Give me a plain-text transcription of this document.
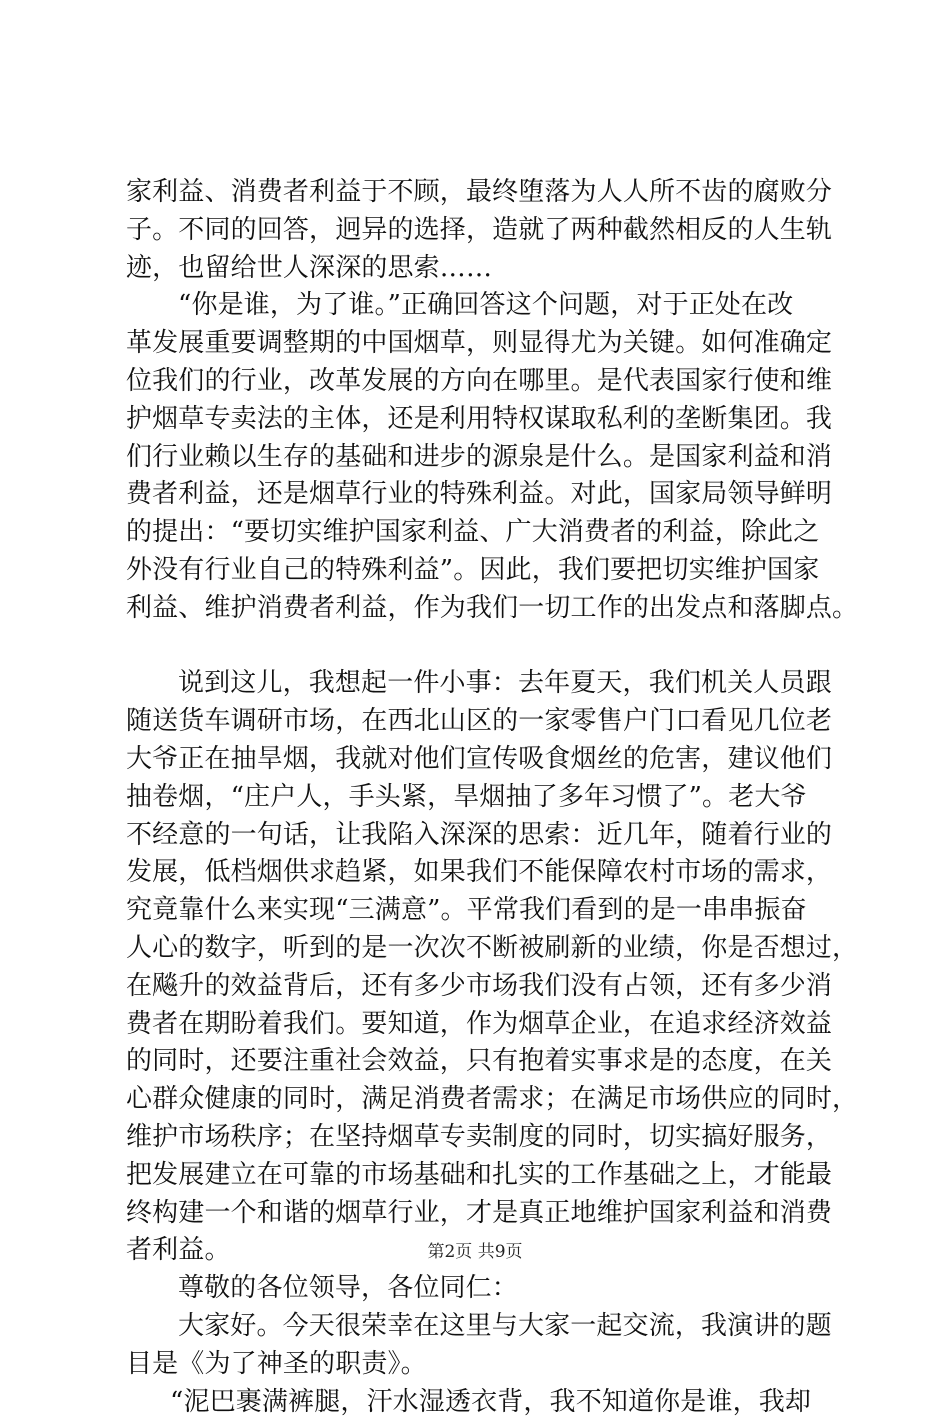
家利益、消费者利益于不顾，最终堕落为人人所不齿的腐败分
子。不同的回答，迥异的选择，造就了两种截然相反的人生轨
迹，也留给世人深深的思索……
“你是谁，为了谁。”正确回答这个问题，对于正处在改
革发展重要调整期的中国烟草，则显得尤为关键。如何准确定
位我们的行业，改革发展的方向在哪里。是代表国家行使和维
护烟草专卖法的主体，还是利用特权谋取私利的垄断集团。我
们行业赖以生存的基础和进步的源泉是什么。是国家利益和消
费者利益，还是烟草行业的特殊利益。对此，国家局领导鲜明
的提出：“要切实维护国家利益、广大消费者的利益，除此之
外没有行业自己的特殊利益”。因此，我们要把切实维护国家
利益、维护消费者利益，作为我们一切工作的出发点和落脚点。
说到这儿，我想起一件小事：去年夏天，我们机关人员跟
随送货车调研市场，在西北山区的一家零售户门口看见几位老
大爷正在抽旱烟，我就对他们宣传吸食烟丝的危害，建议他们
抽卷烟，“庄户人，手头紧，旱烟抽了多年习惯了”。老大爷
不经意的一句话，让我陷入深深的思索：近几年，随着行业的
发展，低档烟供求趋紧，如果我们不能保障农村市场的需求，
究竟靠什么来实现“三满意”。平常我们看到的是一串串振奋
人心的数字，听到的是一次次不断被刷新的业绩，你是否想过，
在飚升的效益背后，还有多少市场我们没有占领，还有多少消
费者在期盼着我们。要知道，作为烟草企业，在追求经济效益
的同时，还要注重社会效益，只有抱着实事求是的态度，在关
心群众健康的同时，满足消费者需求；在满足市场供应的同时，
维护市场秩序；在坚持烟草专卖制度的同时，切实搞好服务，
把发展建立在可靠的市场基础和扎实的工作基础之上，才能最
终构建一个和谐的烟草行业，才是真正地维护国家利益和消费
者利益。
尊敬的各位领导，各位同仁：
大家好。今天很荣幸在这里与大家一起交流，我演讲的题
目是《为了神圣的职责》。
“泥巴裹满裤腿，汗水湿透衣背，我不知道你是谁，我却
第2页 共9页
